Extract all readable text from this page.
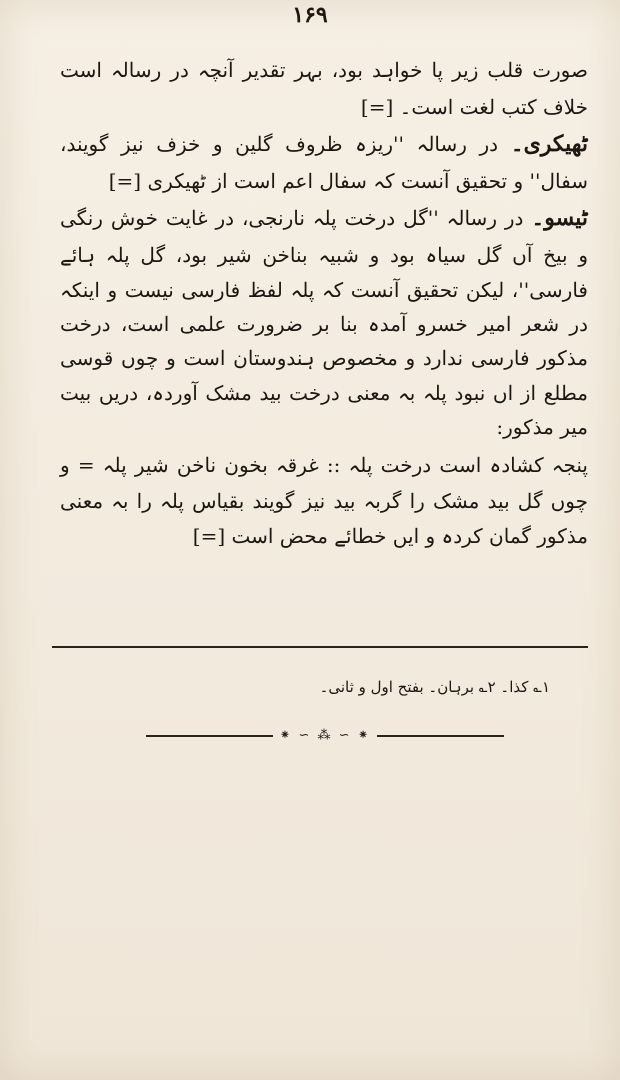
۱۶۹

صورت قلب زیر پا خواہد بود، بہر تقدیر آنچہ در رسالہ است خلاف کتب لغت است۔ [=]

ٹھیکری۔ در رسالہ ''ریزہ ظروف گلین و خزف نیز گویند، سفال'' و تحقیق آنست کہ سفال اعم است از ٹھیکری [=]

ٹیسو۔ در رسالہ ''گل درخت پلہ نارنجی، در غایت خوش رنگی و بیخ آں گل سیاہ بود و شبیہ بناخن شیر بود، گل پلہ ہائے فارسی''، لیکن تحقیق آنست کہ پلہ لفظ فارسی نیست و اینکہ در شعر امیر خسرو آمدہ بنا بر ضرورت علمی است، درخت مذکور فارسی ندارد و مخصوص ہندوستان است و چوں قوسی مطلع از اں نبود پلہ بہ معنی درخت بید مشک آوردہ، دریں بیت میر مذکور:

پنجہ کشادہ است درخت پلہ :: غرقہ بخون ناخن شیر پلہ = و چوں گل بید مشک را گربہ بید نیز گویند بقیاس پلہ را بہ معنی مذکور گمان کردہ و ایں خطائے محض است [=]

۱؎ کذا۔ ۲؎ برہان۔ بفتح اول و ثانی۔
⁕ ∽ ⁂ ∽ ⁕
